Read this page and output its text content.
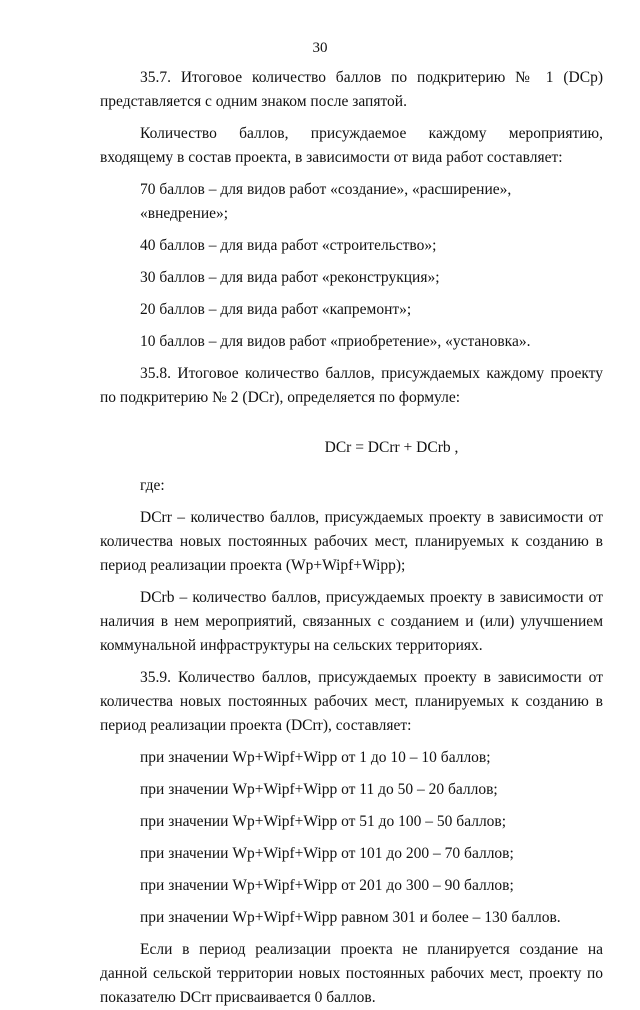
30

35.7. Итоговое количество баллов по подкритерию № 1 (DCp) представляется с одним знаком после запятой.

Количество баллов, присуждаемое каждому мероприятию, входящему в состав проекта, в зависимости от вида работ составляет:

70 баллов – для видов работ «создание», «расширение», «внедрение»;

40 баллов – для вида работ «строительство»;

30 баллов – для вида работ «реконструкция»;

20 баллов – для вида работ «капремонт»;

10 баллов – для видов работ «приобретение», «установка».

35.8. Итоговое количество баллов, присуждаемых каждому проекту по подкритерию № 2 (DCr), определяется по формуле:

DCr = DCrr + DCrb ,

где:

DCrr – количество баллов, присуждаемых проекту в зависимости от количества новых постоянных рабочих мест, планируемых к созданию в период реализации проекта (Wp+Wipf+Wipp);

DCrb – количество баллов, присуждаемых проекту в зависимости от наличия в нем мероприятий, связанных с созданием и (или) улучшением коммунальной инфраструктуры на сельских территориях.

35.9. Количество баллов, присуждаемых проекту в зависимости от количества новых постоянных рабочих мест, планируемых к созданию в период реализации проекта (DCrr), составляет:

при значении Wp+Wipf+Wipp от 1 до 10 – 10 баллов;

при значении Wp+Wipf+Wipp от 11 до 50 – 20 баллов;

при значении Wp+Wipf+Wipp от 51 до 100 – 50 баллов;

при значении Wp+Wipf+Wipp от 101 до 200 – 70 баллов;

при значении Wp+Wipf+Wipp от 201 до 300 – 90 баллов;

при значении Wp+Wipf+Wipp равном 301 и более – 130 баллов.

Если в период реализации проекта не планируется создание на данной сельской территории новых постоянных рабочих мест, проекту по показателю DCrr присваивается 0 баллов.
